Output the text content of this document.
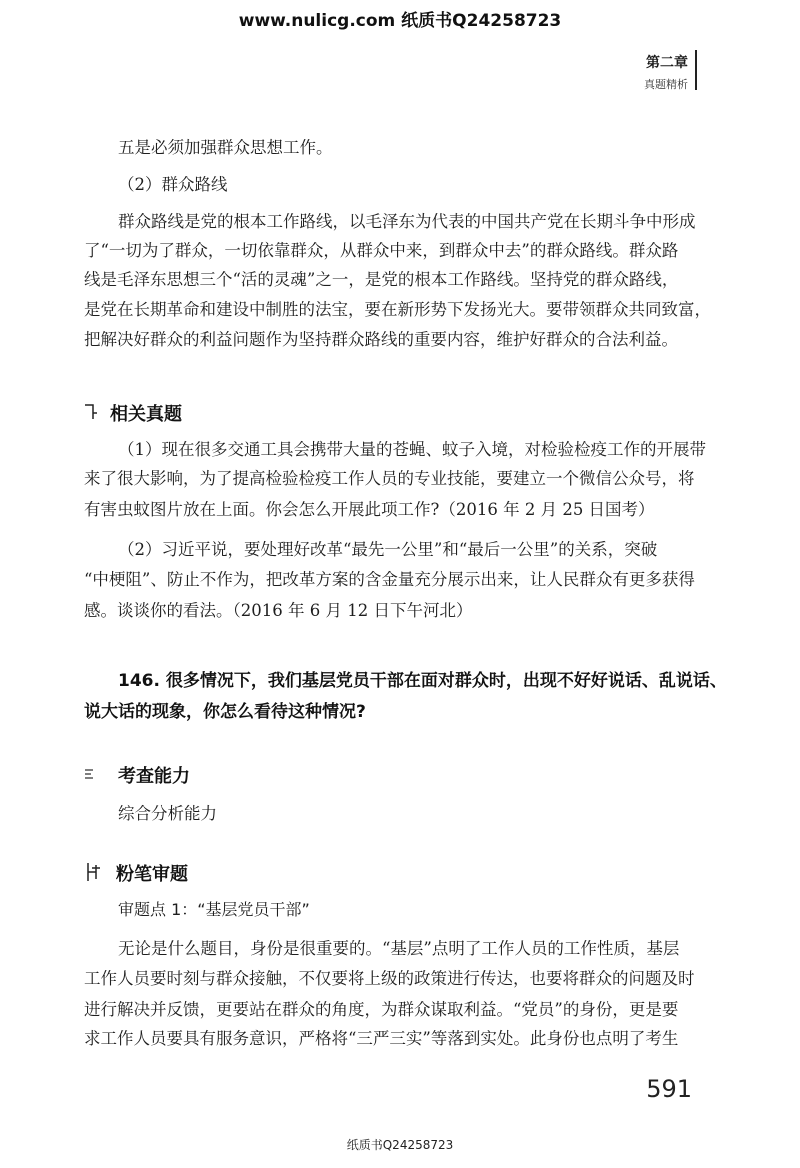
www.nulicg.com 纸质书Q24258723
第二章
真题精析
五是必须加强群众思想工作。
（2）群众路线
群众路线是党的根本工作路线，以毛泽东为代表的中国共产党在长期斗争中形成
了“一切为了群众，一切依靠群众，从群众中来，到群众中去”的群众路线。群众路
线是毛泽东思想三个“活的灵魂”之一，是党的根本工作路线。坚持党的群众路线，
是党在长期革命和建设中制胜的法宝，要在新形势下发扬光大。要带领群众共同致富，
把解决好群众的利益问题作为坚持群众路线的重要内容，维护好群众的合法利益。
相关真题
（1）现在很多交通工具会携带大量的苍蝇、蚊子入境，对检验检疫工作的开展带
来了很大影响，为了提高检验检疫工作人员的专业技能，要建立一个微信公众号，将
有害虫蚊图片放在上面。你会怎么开展此项工作?（2016 年 2 月 25 日国考）
（2）习近平说，要处理好改革“最先一公里”和“最后一公里”的关系，突破
“中梗阻”、防止不作为，把改革方案的含金量充分展示出来，让人民群众有更多获得
感。谈谈你的看法。（2016 年 6 月 12 日下午河北）
146. 很多情况下，我们基层党员干部在面对群众时，出现不好好说话、乱说话、
说大话的现象，你怎么看待这种情况?
考查能力
综合分析能力
粉笔审题
审题点 1：“基层党员干部”
无论是什么题目，身份是很重要的。“基层”点明了工作人员的工作性质，基层
工作人员要时刻与群众接触，不仅要将上级的政策进行传达，也要将群众的问题及时
进行解决并反馈，更要站在群众的角度，为群众谋取利益。“党员”的身份，更是要
求工作人员要具有服务意识，严格将“三严三实”等落到实处。此身份也点明了考生
591
纸质书Q24258723
